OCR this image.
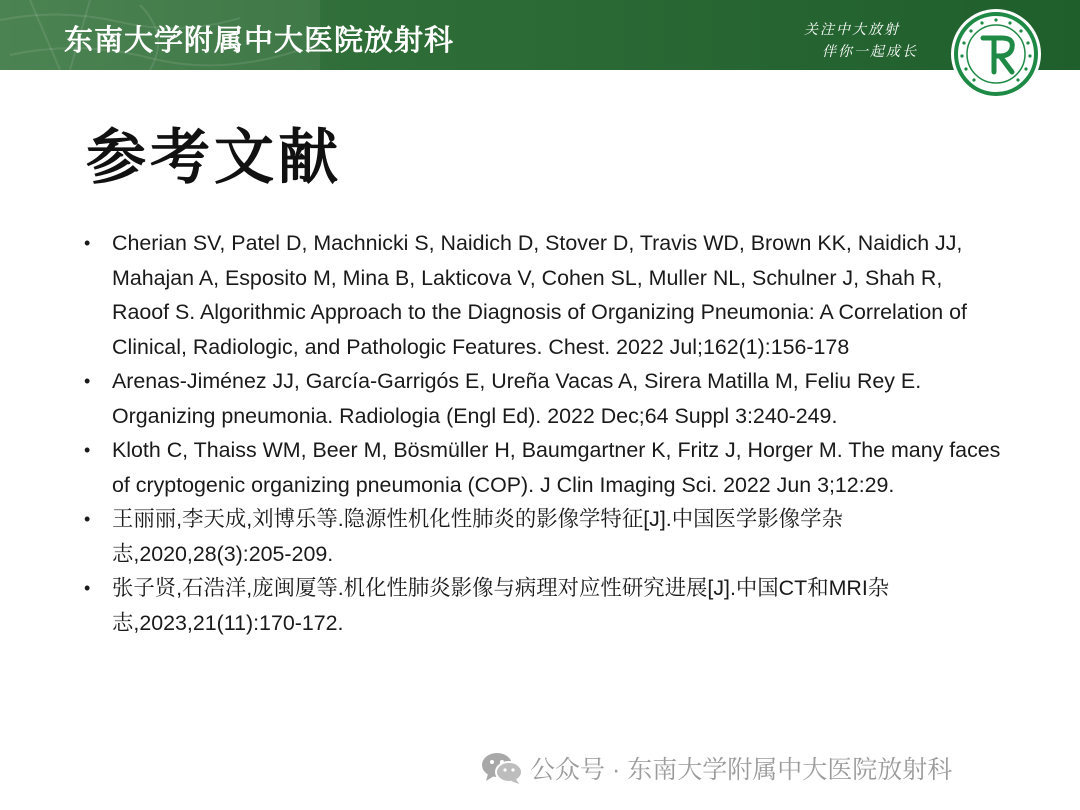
东南大学附属中大医院放射科	关注中大放射
伴你一起成长
参考文献
• Cherian SV, Patel D, Machnicki S, Naidich D, Stover D, Travis WD, Brown KK, Naidich JJ, Mahajan A, Esposito M, Mina B, Lakticova V, Cohen SL, Muller NL, Schulner J, Shah R, Raoof S. Algorithmic Approach to the Diagnosis of Organizing Pneumonia: A Correlation of Clinical, Radiologic, and Pathologic Features. Chest. 2022 Jul;162(1):156-178
• Arenas-Jiménez JJ, García-Garrigós E, Ureña Vacas A, Sirera Matilla M, Feliu Rey E. Organizing pneumonia. Radiologia (Engl Ed). 2022 Dec;64 Suppl 3:240-249.
• Kloth C, Thaiss WM, Beer M, Bösmüller H, Baumgartner K, Fritz J, Horger M. The many faces of cryptogenic organizing pneumonia (COP). J Clin Imaging Sci. 2022 Jun 3;12:29.
• 王丽丽,李天成,刘博乐等.隐源性机化性肺炎的影像学特征[J].中国医学影像学杂志,2020,28(3):205-209.
• 张子贤,石浩洋,庞闽厦等.机化性肺炎影像与病理对应性研究进展[J].中国CT和MRI杂志,2023,21(11):170-172.
公众号 · 东南大学附属中大医院放射科
